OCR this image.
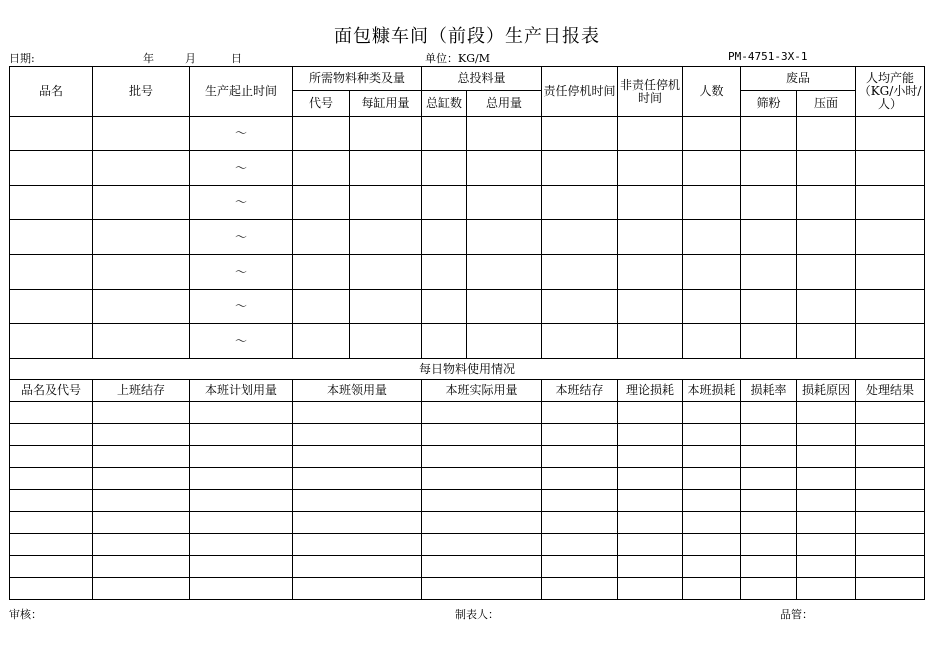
面包糠车间（前段）生产日报表
日期:	年	月	日	单位：KG/M	PM-4751-3X-1
品名	批号	生产起止时间	所需物料种类及量		总投料量		责任停机时间	非责任停机时间	人数	废品		人均产能（KG/小时/人）
			代号	每缸用量	总缸数	总用量				筛粉	压面	
		～										
		～										
		～										
		～										
		～										
		～										
		～										
每日物料使用情况												
品名及代号	上班结存	本班计划用量	本班领用量		本班实际用量		本班结存	理论损耗	本班损耗	损耗率	损耗原因	处理结果

审核：	制表人：	品管：
